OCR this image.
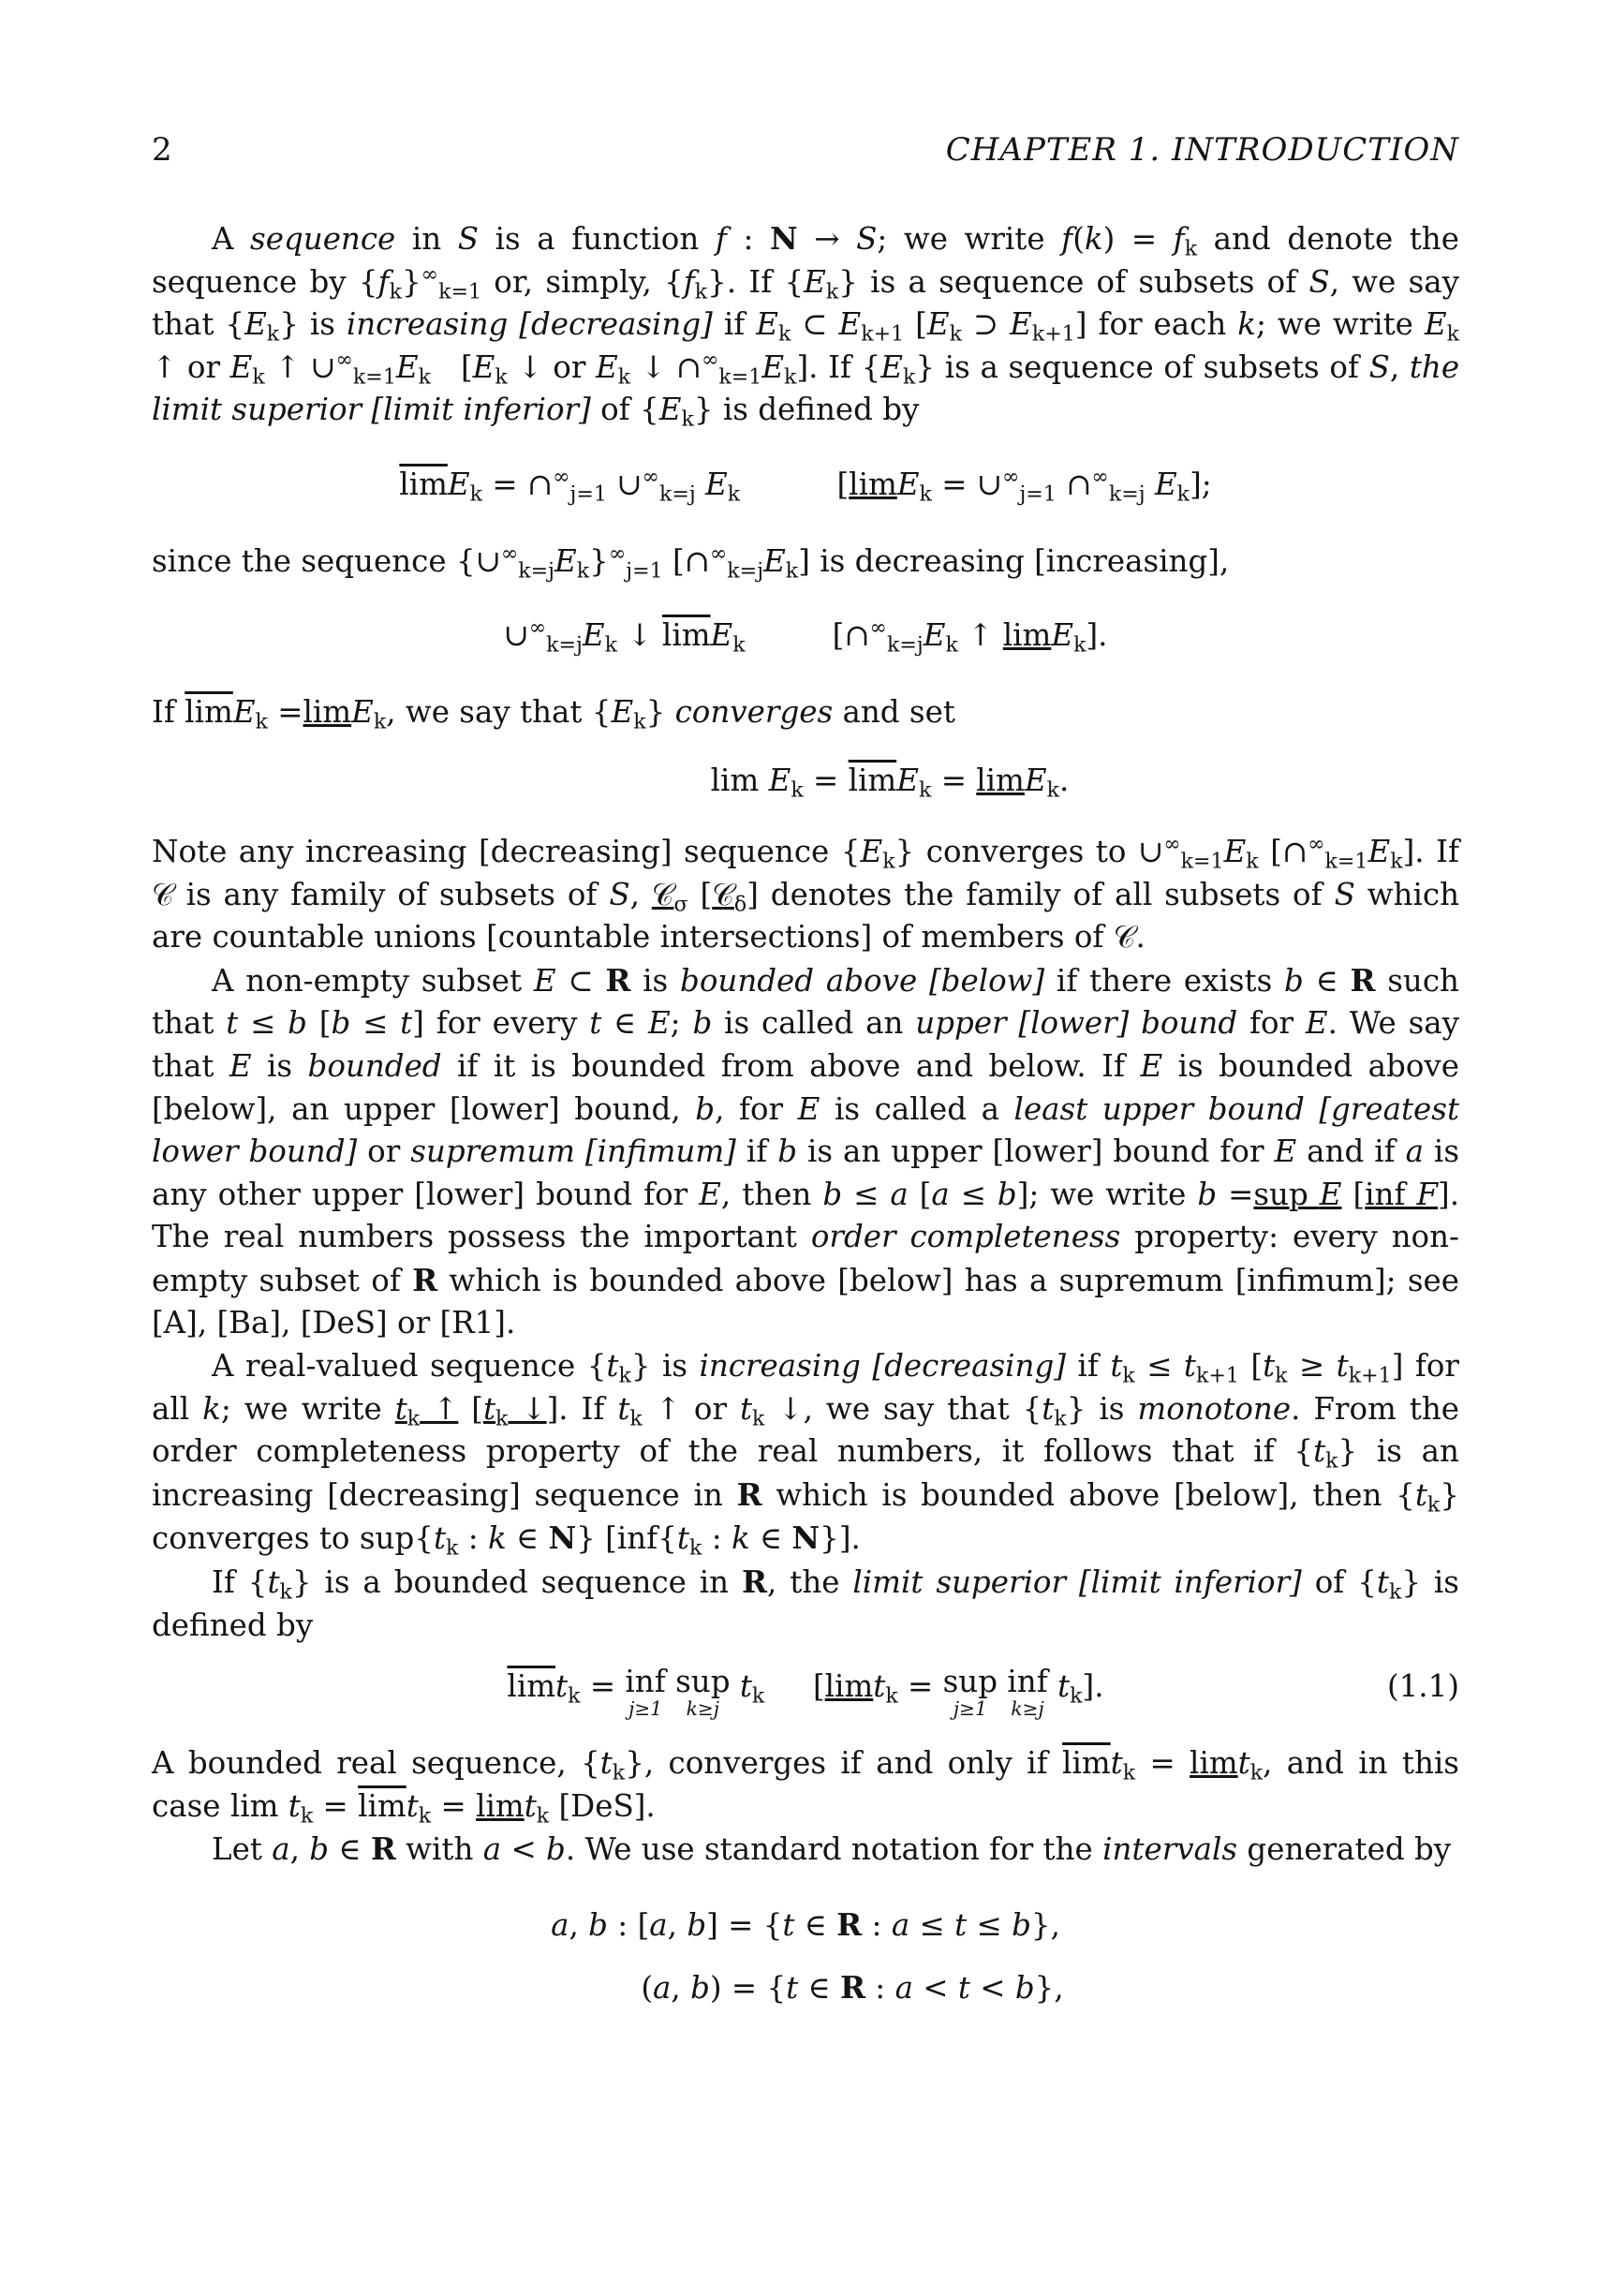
2	CHAPTER 1. INTRODUCTION

A sequence in S is a function f : N → S; we write $f(k) = f_k$ and denote the sequence by $\{f_k\}^\infty_{k=1}$ or, simply, $\{f_k\}$. If $\{E_k\}$ is a sequence of subsets of S, we say that $\{E_k\}$ is increasing [decreasing] if $E_k$ ⊂ $E_{k+1}$ [$E_k$ ⊃ $E_{k+1}$] for each k; we write $E_k$ ↑ or $E_k$ ↑ $\cup^\infty_{k=1}E_k$   [$E_k$ ↓ or $E_k$ ↓ $\cap^\infty_{k=1}E_k$]. If $\{E_k\}$ is a sequence of subsets of S, the limit superior [limit inferior] of $\{E_k\}$ is defined by

$\overline{lim}E_k$ = $\cap^\infty_{j=1}$ $\cup^\infty_{k=j}$ $E_k$          [$\lim E_k = \cup^\infty_{j=1}$ $\cap^\infty_{k=j}$ $E_k$];

since the sequence $\{\cup^\infty_{k=j}E_k\}^\infty_{j=1}$ $[\cap^\infty_{k=j}E_k]$ is decreasing [increasing],

$\cup^\infty_{k=j}E_k$ ↓ $\overline{lim}E_k$         [$\cap^\infty_{k=j}E_k$ ↑ limE$_k$].

If $\overline{lim}E_k =\lim E_k$, we say that $\{E_k\}$ converges and set

$\lim E_k = \overline{lim}E_k = \lim E_k$.

Note any increasing [decreasing] sequence $\{E_k\}$ converges to $\cup^\infty_{k=1}E_k$ $[\cap^\infty_{k=1}E_k]$. If 𝒞 is any family of subsets of S, 𝒞$_\sigma$ [𝒞$_\delta$] denotes the family of all subsets of S which are countable unions [countable intersections] of members of 𝒞.

A non-empty subset E ⊂ R is bounded above [below] if there exists b ∈ R such that t ≤ b [b ≤ t] for every t ∈ E; b is called an upper [lower] bound for E. We say that E is bounded if it is bounded from above and below. If E is bounded above [below], an upper [lower] bound, b, for E is called a least upper bound [greatest lower bound] or supremum [infimum] if b is an upper [lower] bound for E and if a is any other upper [lower] bound for E, then b ≤ a [a ≤ b]; we write b =sup E [inf F]. The real numbers possess the important order completeness property: every non-empty subset of R which is bounded above [below] has a supremum [infimum]; see [A], [Ba], [DeS] or [R1].

A real-valued sequence $\{t_k\}$ is increasing [decreasing] if $t_k \le t_{k+1}$ $[t_k \ge t_{k+1}]$ for all k; we write $t_k$ ↑ [$t_k$ ↓]. If $t_k$ ↑ or $t_k$ ↓, we say that $\{t_k\}$ is monotone. From the order completeness property of the real numbers, it follows that if $\{t_k\}$ is an increasing [decreasing] sequence in R which is bounded above [below], then $\{t_k\}$ converges to $sup\{t_k$ : k ∈ N} [$inf\{t_k$ : k ∈ N}].

If $\{t_k\}$ is a bounded sequence in R, the limit superior [limit inferior] of $\{t_k\}$ is defined by

$\overline{lim}t_k$ = inf
j≥1
sup
k≥j
$t_k$     [limt$_k$ = sup
j≥1
inf
k≥j
$t_k$].	(1.1)

A bounded real sequence, $\{t_k\}$, converges if and only if $\overline{lim}t_k = \lim t_k$, and in this case $\lim t_k = \overline{lim}t_k = \lim t_k$ [DeS].

Let a, b ∈ R with a < b. We use standard notation for the intervals generated by

a, b : [a, b] = {t ∈ R : a ≤ t ≤ b},
(a, b) = {t ∈ R : a < t < b},
